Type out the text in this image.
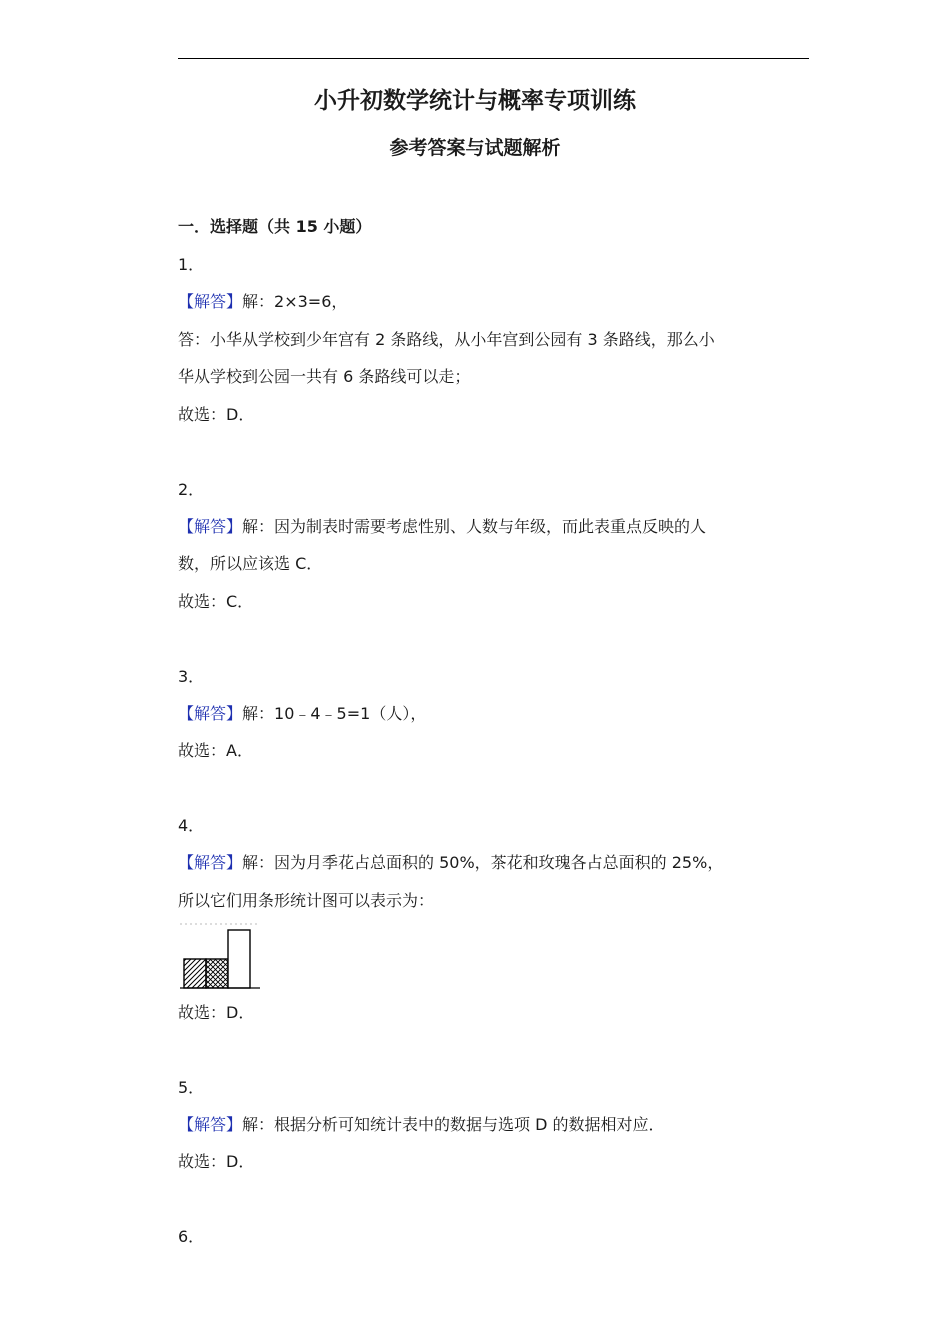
小升初数学统计与概率专项训练
参考答案与试题解析
一．选择题（共 15 小题）
1．
【解答】解：2×3=6，
答：小华从学校到少年宫有 2 条路线，从小年宫到公园有 3 条路线，那么小
华从学校到公园一共有 6 条路线可以走；
故选：D．
2．
【解答】解：因为制表时需要考虑性别、人数与年级，而此表重点反映的人
数，所以应该选 C．
故选：C．
3．
【解答】解：10﹣4﹣5=1（人），
故选：A．
4．
【解答】解：因为月季花占总面积的 50%，茶花和玫瑰各占总面积的 25%，
所以它们用条形统计图可以表示为：
故选：D．
5．
【解答】解：根据分析可知统计表中的数据与选项 D 的数据相对应．
故选：D．
6．
